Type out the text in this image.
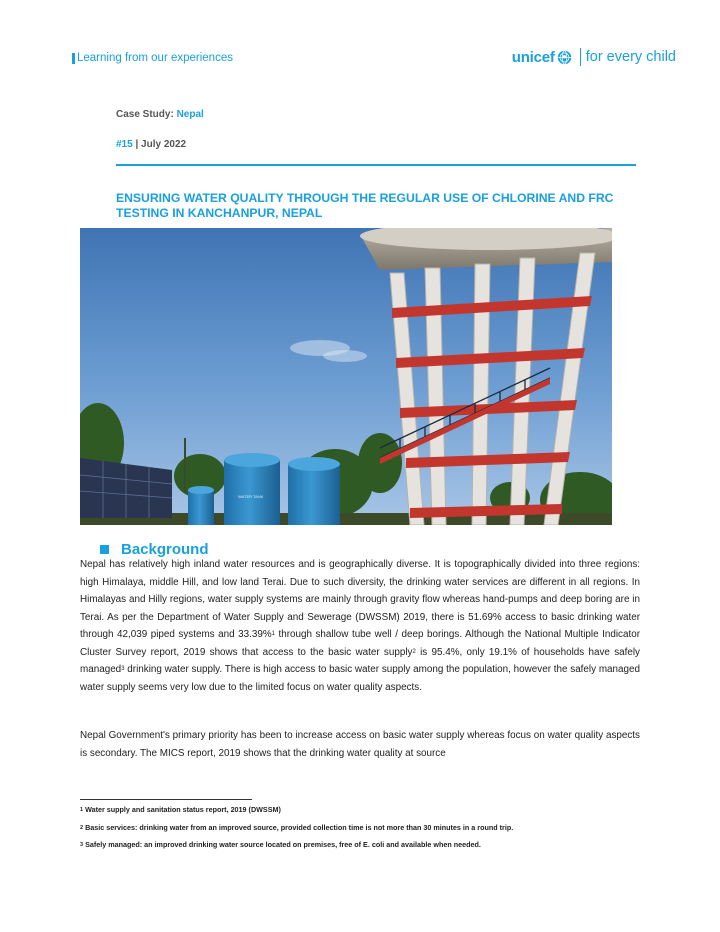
Learning from our experiences	unicef for every child
Case Study: Nepal
#15 | July 2022
ENSURING WATER QUALITY THROUGH THE REGULAR USE OF CHLORINE AND FRC TESTING IN KANCHANPUR, NEPAL
WATER TANK
Background
Nepal has relatively high inland water resources and is geographically diverse. It is topographically divided into three regions: high Himalaya, middle Hill, and low land Terai. Due to such diversity, the drinking water services are different in all regions. In Himalayas and Hilly regions, water supply systems are mainly through gravity flow whereas hand-pumps and deep boring are in Terai. As per the Department of Water Supply and Sewerage (DWSSM) 2019, there is 51.69% access to basic drinking water through 42,039 piped systems and 33.39%$^1$ through shallow tube well / deep borings. Although the National Multiple Indicator Cluster Survey report, 2019 shows that access to the basic water supply$^2$ is 95.4%, only 19.1% of households have safely managed$^3$ drinking water supply. There is high access to basic water supply among the population, however the safely managed water supply seems very low due to the limited focus on water quality aspects.
Nepal Government's primary priority has been to increase access on basic water supply whereas focus on water quality aspects is secondary. The MICS report, 2019 shows that the drinking water quality at source
$^1$ Water supply and sanitation status report, 2019 (DWSSM)
$^2$ Basic services: drinking water from an improved source, provided collection time is not more than 30 minutes in a round trip.
$^3$ Safely managed: an improved drinking water source located on premises, free of E. coli and available when needed.
